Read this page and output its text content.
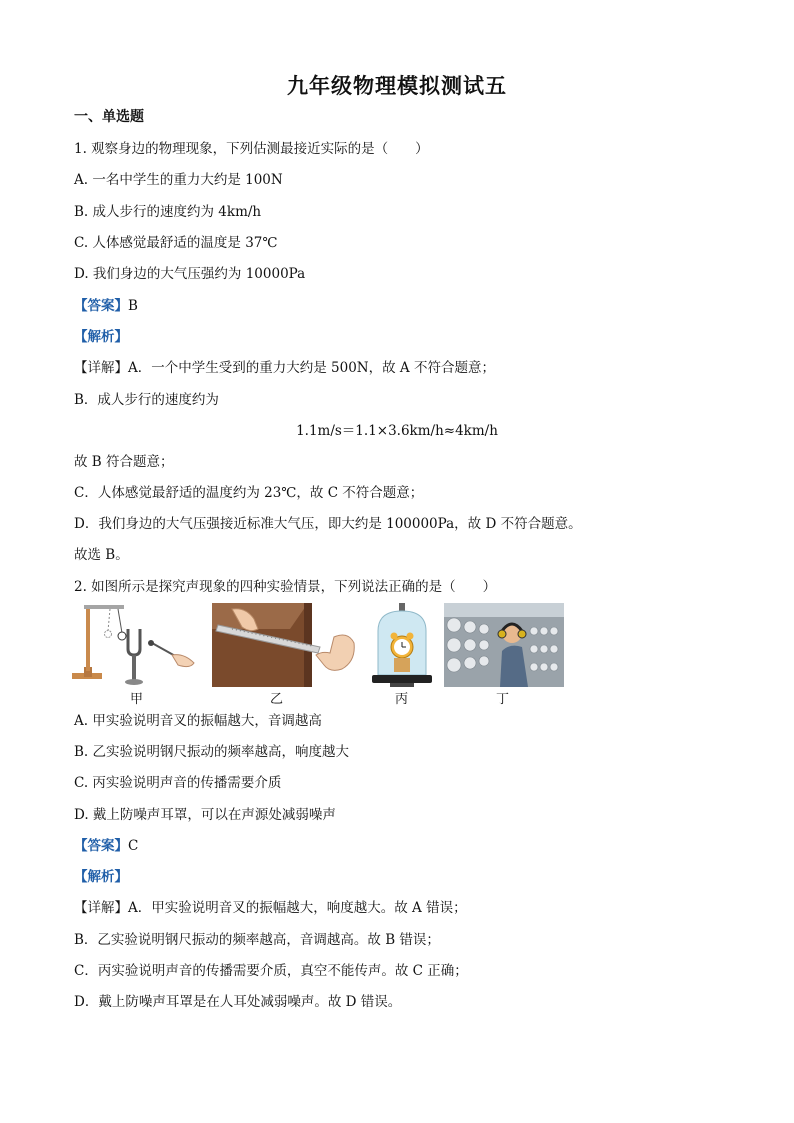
九年级物理模拟测试五
一、单选题
1. 观察身边的物理现象，下列估测最接近实际的是（　　）
A. 一名中学生的重力大约是 100N
B. 成人步行的速度约为 4km/h
C. 人体感觉最舒适的温度是 37℃
D. 我们身边的大气压强约为 10000Pa
【答案】B
【解析】
【详解】A．一个中学生受到的重力大约是 500N，故 A 不符合题意；
B．成人步行的速度约为
1.1m/s＝1.1×3.6km/h≈4km/h
故 B 符合题意；
C．人体感觉最舒适的温度约为 23℃，故 C 不符合题意；
D．我们身边的大气压强接近标准大气压，即大约是 100000Pa，故 D 不符合题意。
故选 B。
2. 如图所示是探究声现象的四种实验情景，下列说法正确的是（　　）
甲	乙	丙	丁
A. 甲实验说明音叉的振幅越大，音调越高
B. 乙实验说明钢尺振动的频率越高，响度越大
C. 丙实验说明声音的传播需要介质
D. 戴上防噪声耳罩，可以在声源处减弱噪声
【答案】C
【解析】
【详解】A．甲实验说明音叉的振幅越大，响度越大。故 A 错误；
B．乙实验说明钢尺振动的频率越高，音调越高。故 B 错误；
C．丙实验说明声音的传播需要介质，真空不能传声。故 C 正确；
D．戴上防噪声耳罩是在人耳处减弱噪声。故 D 错误。
